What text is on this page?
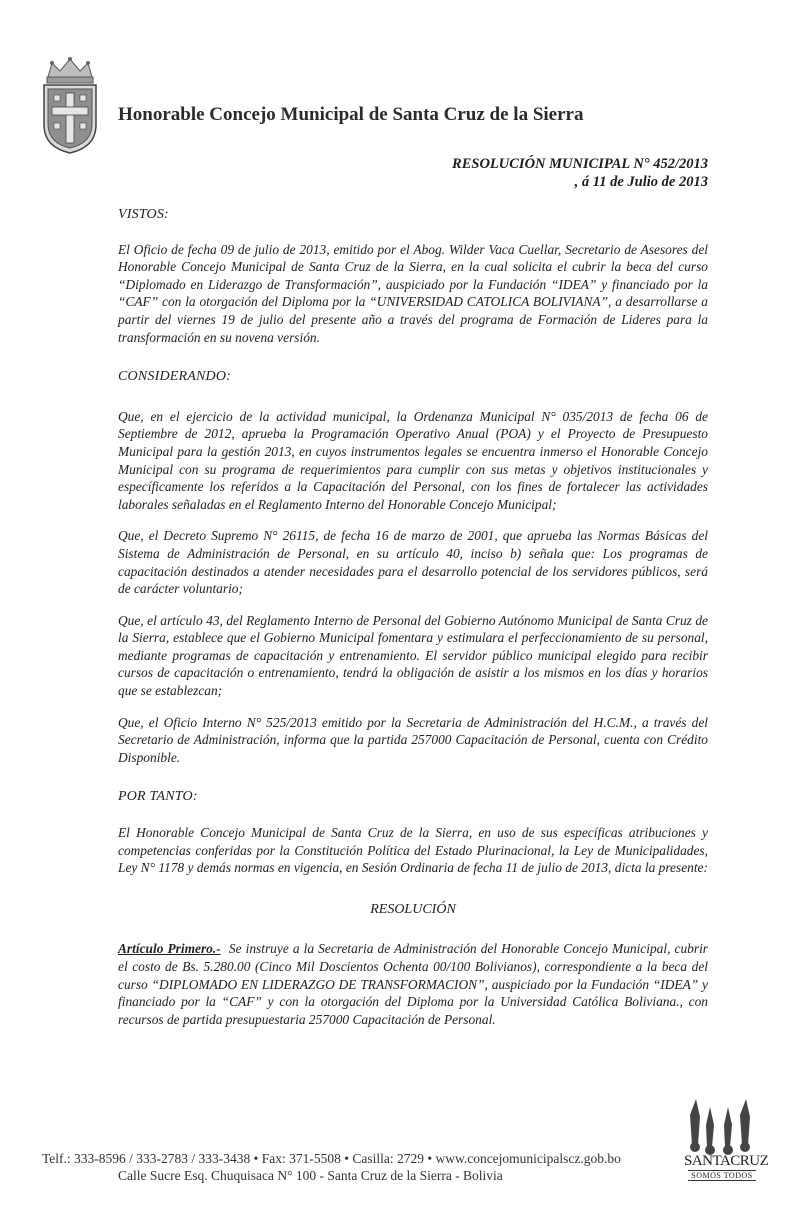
Honorable Concejo Municipal de Santa Cruz de la Sierra
RESOLUCIÓN MUNICIPAL N° 452/2013
, á 11 de Julio de 2013
VISTOS:
El Oficio de fecha 09 de julio de 2013, emitido por el Abog. Wilder Vaca Cuellar, Secretario de Asesores del Honorable Concejo Municipal de Santa Cruz de la Sierra, en la cual solicita el cubrir la beca del curso “Diplomado en Liderazgo de Transformación”, auspiciado por la Fundación “IDEA” y financiado por la “CAF” con la otorgación del Diploma por la “UNIVERSIDAD CATOLICA BOLIVIANA”, a desarrollarse a partir del viernes 19 de julio del presente año a través del programa de Formación de Lideres para la transformación en su novena versión.
CONSIDERANDO:
Que, en el ejercicio de la actividad municipal, la Ordenanza Municipal N° 035/2013 de fecha 06 de Septiembre de 2012, aprueba la Programación Operativo Anual (POA) y el Proyecto de Presupuesto Municipal para la gestión 2013, en cuyos instrumentos legales se encuentra inmerso el Honorable Concejo Municipal con su programa de requerimientos para cumplir con sus metas y objetivos institucionales y específicamente los referidos a la Capacitación del Personal, con los fines de fortalecer las actividades laborales señaladas en el Reglamento Interno del Honorable Concejo Municipal;
Que, el Decreto Supremo N° 26115, de fecha 16 de marzo de 2001, que aprueba las Normas Básicas del Sistema de Administración de Personal, en su artículo 40, inciso b) señala que: Los programas de capacitación destinados a atender necesidades para el desarrollo potencial de los servidores públicos, será de carácter voluntario;
Que, el artículo 43, del Reglamento Interno de Personal del Gobierno Autónomo Municipal de Santa Cruz de la Sierra, establece que el Gobierno Municipal fomentara y estimulara el perfeccionamiento de su personal, mediante programas de capacitación y entrenamiento. El servidor público municipal elegido para recibir cursos de capacitación o entrenamiento, tendrá la obligación de asistir a los mismos en los días y horarios que se establezcan;
Que, el Oficio Interno N° 525/2013 emitido por la Secretaria de Administración del H.C.M., a través del Secretario de Administración, informa que la partida 257000 Capacitación de Personal, cuenta con Crédito Disponible.
POR TANTO:
El Honorable Concejo Municipal de Santa Cruz de la Sierra, en uso de sus específicas atribuciones y competencias conferidas por la Constitución Política del Estado Plurinacional, la Ley de Municipalidades, Ley N° 1178 y demás normas en vigencia, en Sesión Ordinaria de fecha 11 de julio de 2013, dicta la presente:
RESOLUCIÓN
Artículo Primero.- Se instruye a la Secretaria de Administración del Honorable Concejo Municipal, cubrir el costo de Bs. 5.280.00 (Cinco Mil Doscientos Ochenta 00/100 Bolivianos), correspondiente a la beca del curso “DIPLOMADO EN LIDERAZGO DE TRANSFORMACION”, auspiciado por la Fundación “IDEA” y financiado por la “CAF” y con la otorgación del Diploma por la Universidad Católica Boliviana., con recursos de partida presupuestaria 257000 Capacitación de Personal.
SANTACRUZ
SOMOS TODOS
Telf.: 333-8596 / 333-2783 / 333-3438 • Fax: 371-5508 • Casilla: 2729 • www.concejomunicipalscz.gob.bo
Calle Sucre Esq. Chuquisaca N° 100 - Santa Cruz de la Sierra - Bolivia
